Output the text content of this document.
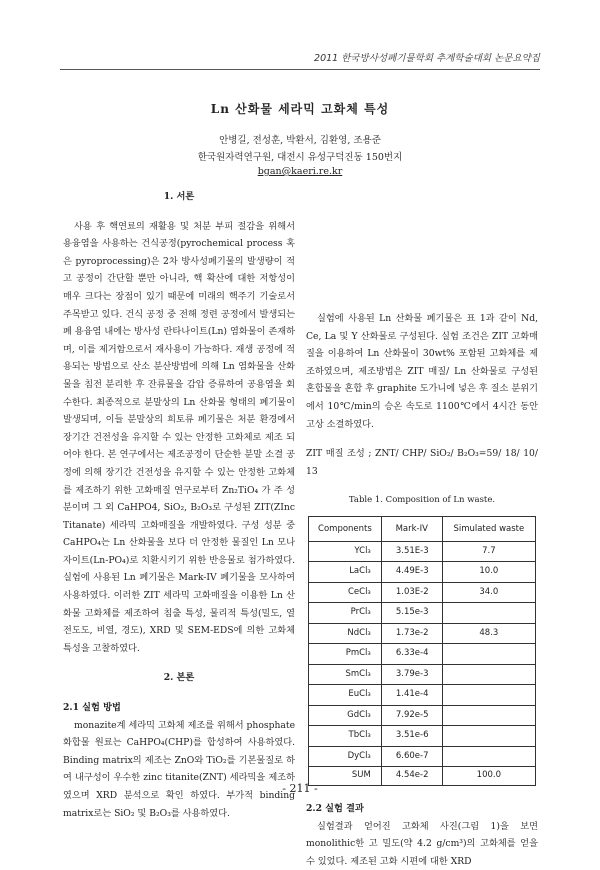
2011 한국방사성폐기물학회 추계학술대회 논문요약집
Ln 산화물 세라믹 고화체 특성
안병길, 전성훈, 박환서, 김환영, 조용준
한국원자력연구원, 대전시 유성구덕진동 150번지
bgan@kaeri.re.kr

1. 서론

사용 후 핵연료의 재활용 및 처분 부피 절감을 위해서 용융염을 사용하는 건식공정(pyrochemical process 혹은 pyroprocessing)은 2차 방사성폐기물의 발생량이 적고 공정이 간단할 뿐만 아니라, 핵 확산에 대한 저항성이 매우 크다는 장점이 있기 때문에 미래의 핵주기 기술로서 주목받고 있다. 건식 공정 중 전해 정련 공정에서 발생되는 폐 용융염 내에는 방사성 란타나이트(Ln) 염화물이 존재하며, 이를 제거함으로서 재사용이 가능하다. 재생 공정에 적용되는 방법으로 산소 분산방법에 의해 Ln 염화물을 산화물을 침전 분리한 후 잔류물을 감압 증류하여 공용염을 회수한다. 최종적으로 분말상의 Ln 산화물 형태의 폐기물이 발생되며, 이들 분말상의 희토류 폐기물은 처분 환경에서 장기간 건전성을 유지할 수 있는 안정한 고화체로 제조 되어야 한다. 본 연구에서는 제조공정이 단순한 분말 소결 공정에 의해 장기간 건전성을 유지할 수 있는 안정한 고화체를 제조하기 위한 고화매질 연구로부터 Zn₂TiO₄ 가 주 성분이며 그 외 CaHPO4, SiO₂, B₂O₃로 구성된 ZIT(ZInc Titanate) 세라믹 고화매질을 개발하였다. 구성 성분 중 CaHPO₄는 Ln 산화물을 보다 더 안정한 물질인 Ln 모나자이트(Ln-PO₄)로 치환시키기 위한 반응물로 첨가하였다. 실험에 사용된 Ln 폐기물은 Mark-IV 폐기물을 모사하여 사용하였다. 이러한 ZIT 세라믹 고화매질을 이용한 Ln 산화물 고화체를 제조하여 침출 특성, 물리적 특성(밀도, 열전도도, 비열, 경도), XRD 및 SEM-EDS에 의한 고화체 특성을 고찰하였다.

2. 본론

2.1 실험 방법

monazite계 세라믹 고화체 제조를 위해서 phosphate 화합물 원료는 CaHPO₄(CHP)를 합성하여 사용하였다. Binding matrix의 제조는 ZnO와 TiO₂를 기본물질로 하여 내구성이 우수한 zinc titanite(ZNT) 세라믹을 제조하였으며 XRD 분석으로 확인 하였다. 부가적 binding matrix로는 SiO₂ 및 B₂O₃를 사용하였다.

실험에 사용된 Ln 산화물 폐기물은 표 1과 같이 Nd, Ce, La 및 Y 산화물로 구성된다. 실험 조건은 ZIT 고화매질을 이용하여 Ln 산화물이 30wt% 포함된 고화체를 제조하였으며, 제조방법은 ZIT 매질/ Ln 산화물로 구성된 혼합물을 혼합 후 graphite 도가니에 넣은 후 질소 분위기에서 10℃/min의 승온 속도로 1100℃에서 4시간 동안 고상 소결하였다.

ZIT 매질 조성 ; ZNT/ CHP/ SiO₂/ B₂O₃=59/ 18/ 10/ 13

Table 1. Composition of Ln waste.

Components	Mark-IV	Simulated waste
YCl₃	3.51E-3	7.7
LaCl₃	4.49E-3	10.0
CeCl₃	1.03E-2	34.0
PrCl₃	5.15e-3	
NdCl₃	1.73e-2	48.3
PmCl₃	6.33e-4	
SmCl₃	3.79e-3	
EuCl₃	1.41e-4	
GdCl₃	7.92e-5	
TbCl₃	3.51e-6	
DyCl₃	6.60e-7	
SUM	4.54e-2	100.0

2.2 실험 결과

실험결과 얻어진 고화체 사진(그림 1)을 보면 monolithic한 고 밀도(약 4.2 g/cm³)의 고화체를 얻을 수 있었다. 제조된 고화 시편에 대한 XRD

- 211 -
